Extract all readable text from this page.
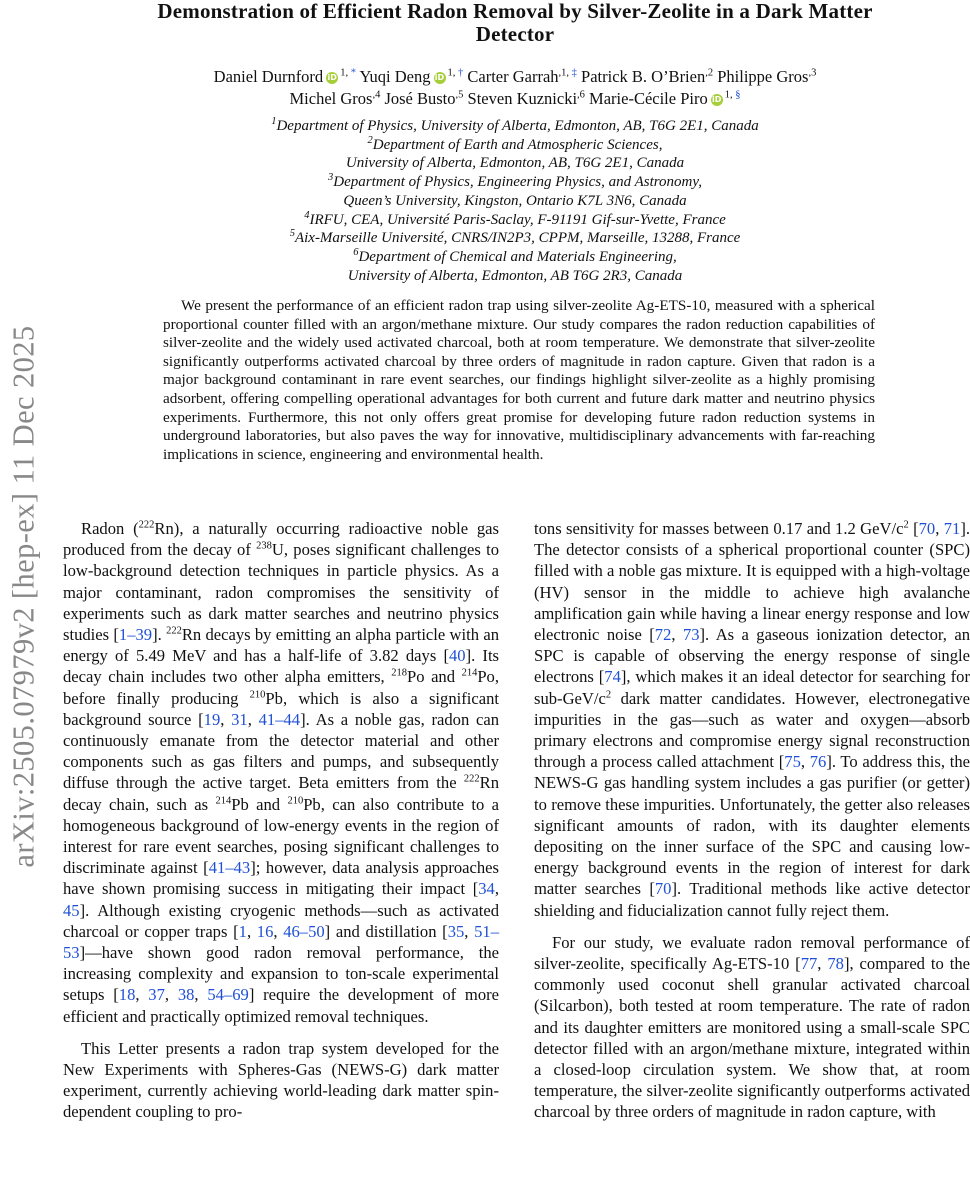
arXiv:2505.07979v2 [hep-ex] 11 Dec 2025
Demonstration of Efficient Radon Removal by Silver-Zeolite in a Dark Matter
Detector
Daniel Durnford iD $^{1, *}$ Yuqi Deng iD $^{1, \dagger}$ Carter Garrah$^{,1, \ddagger}$ Patrick B. O’Brien$^{,2}$ Philippe Gros$^{,3}$
Michel Gros$^{,4}$ José Busto$^{,5}$ Steven Kuznicki$^{,6}$ Marie-Cécile Piro iD $^{1, \S}$
$^1$Department of Physics, University of Alberta, Edmonton, AB, T6G 2E1, Canada
$^2$Department of Earth and Atmospheric Sciences,
University of Alberta, Edmonton, AB, T6G 2E1, Canada
$^3$Department of Physics, Engineering Physics, and Astronomy,
Queen’s University, Kingston, Ontario K7L 3N6, Canada
$^4$IRFU, CEA, Université Paris-Saclay, F-91191 Gif-sur-Yvette, France
$^5$Aix-Marseille Université, CNRS/IN2P3, CPPM, Marseille, 13288, France
$^6$Department of Chemical and Materials Engineering,
University of Alberta, Edmonton, AB T6G 2R3, Canada

We present the performance of an efficient radon trap using silver-zeolite Ag-ETS-10, measured with a spherical proportional counter filled with an argon/methane mixture. Our study compares the radon reduction capabilities of silver-zeolite and the widely used activated charcoal, both at room temperature. We demonstrate that silver-zeolite significantly outperforms activated charcoal by three orders of magnitude in radon capture. Given that radon is a major background contaminant in rare event searches, our findings highlight silver-zeolite as a highly promising adsorbent, offering compelling operational advantages for both current and future dark matter and neutrino physics experiments. Furthermore, this not only offers great promise for developing future radon reduction systems in underground laboratories, but also paves the way for innovative, multidisciplinary advancements with far-reaching implications in science, engineering and environmental health.

Radon ($^{222}$Rn), a naturally occurring radioactive noble gas produced from the decay of $^{238}$U, poses significant challenges to low-background detection techniques in particle physics. As a major contaminant, radon compromises the sensitivity of experiments such as dark matter searches and neutrino physics studies [1–39]. $^{222}$Rn decays by emitting an alpha particle with an energy of 5.49 MeV and has a half-life of 3.82 days [40]. Its decay chain includes two other alpha emitters, $^{218}$Po and $^{214}$Po, before finally producing $^{210}$Pb, which is also a significant background source [19, 31, 41–44]. As a noble gas, radon can continuously emanate from the detector material and other components such as gas filters and pumps, and subsequently diffuse through the active target. Beta emitters from the $^{222}$Rn decay chain, such as $^{214}$Pb and $^{210}$Pb, can also contribute to a homogeneous background of low-energy events in the region of interest for rare event searches, posing significant challenges to discriminate against [41–43]; however, data analysis approaches have shown promising success in mitigating their impact [34, 45]. Although existing cryogenic methods—such as activated charcoal or copper traps [1, 16, 46–50] and distillation [35, 51–53]—have shown good radon removal performance, the increasing complexity and expansion to ton-scale experimental setups [18, 37, 38, 54–69] require the development of more efficient and practically optimized removal techniques.

This Letter presents a radon trap system developed for the New Experiments with Spheres-Gas (NEWS-G) dark matter experiment, currently achieving world-leading dark matter spin-dependent coupling to pro-

tons sensitivity for masses between 0.17 and 1.2 GeV/$c^2$ [70, 71]. The detector consists of a spherical proportional counter (SPC) filled with a noble gas mixture. It is equipped with a high-voltage (HV) sensor in the middle to achieve high avalanche amplification gain while having a linear energy response and low electronic noise [72, 73]. As a gaseous ionization detector, an SPC is capable of observing the energy response of single electrons [74], which makes it an ideal detector for searching for sub-$GeV/c^2$ dark matter candidates. However, electronegative impurities in the gas—such as water and oxygen—absorb primary electrons and compromise energy signal reconstruction through a process called attachment [75, 76]. To address this, the NEWS-G gas handling system includes a gas purifier (or getter) to remove these impurities. Unfortunately, the getter also releases significant amounts of radon, with its daughter elements depositing on the inner surface of the SPC and causing low-energy background events in the region of interest for dark matter searches [70]. Traditional methods like active detector shielding and fiducialization cannot fully reject them.

For our study, we evaluate radon removal performance of silver-zeolite, specifically Ag-ETS-10 [77, 78], compared to the commonly used coconut shell granular activated charcoal (Silcarbon), both tested at room temperature. The rate of radon and its daughter emitters are monitored using a small-scale SPC detector filled with an argon/methane mixture, integrated within a closed-loop circulation system. We show that, at room temperature, the silver-zeolite significantly outperforms activated charcoal by three orders of magnitude in radon capture, with
